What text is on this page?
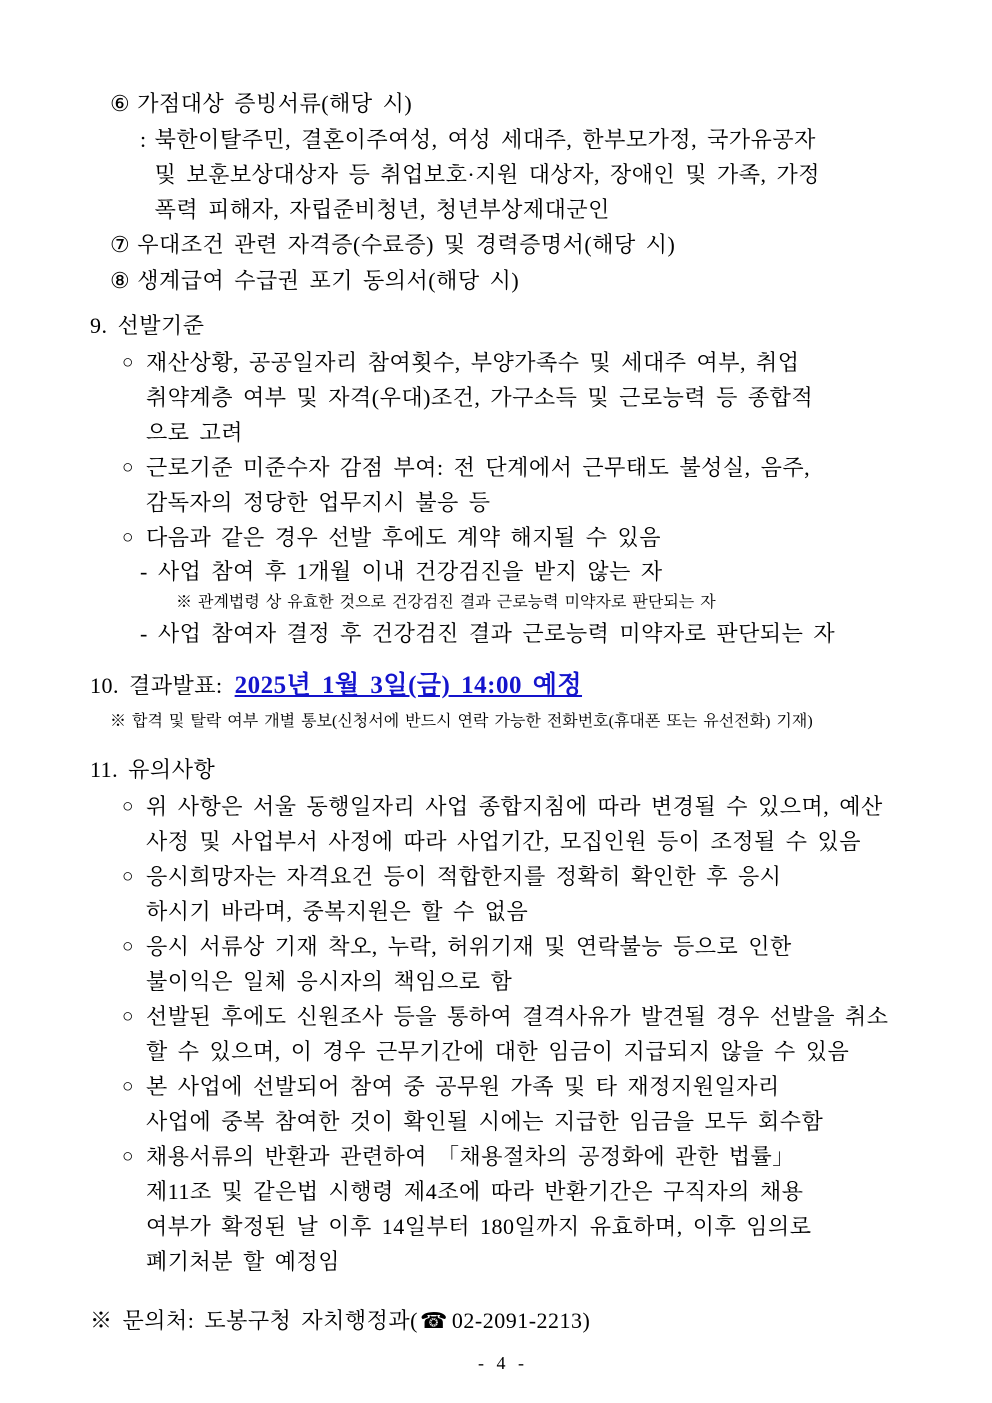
⑥ 가점대상 증빙서류(해당 시)
: 북한이탈주민, 결혼이주여성, 여성 세대주, 한부모가정, 국가유공자
및 보훈보상대상자 등 취업보호·지원 대상자, 장애인 및 가족, 가정
폭력 피해자, 자립준비청년, 청년부상제대군인
⑦ 우대조건 관련 자격증(수료증) 및 경력증명서(해당 시)
⑧ 생계급여 수급권 포기 동의서(해당 시)
9. 선발기준
○ 재산상황, 공공일자리 참여횟수, 부양가족수 및 세대주 여부, 취업
취약계층 여부 및 자격(우대)조건, 가구소득 및 근로능력 등 종합적
으로 고려
○ 근로기준 미준수자 감점 부여: 전 단계에서 근무태도 불성실, 음주,
감독자의 정당한 업무지시 불응 등
○ 다음과 같은 경우 선발 후에도 계약 해지될 수 있음
- 사업 참여 후 1개월 이내 건강검진을 받지 않는 자
※ 관계법령 상 유효한 것으로 건강검진 결과 근로능력 미약자로 판단되는 자
- 사업 참여자 결정 후 건강검진 결과 근로능력 미약자로 판단되는 자
10. 결과발표: 2025년 1월 3일(금) 14:00 예정
※ 합격 및 탈락 여부 개별 통보(신청서에 반드시 연락 가능한 전화번호(휴대폰 또는 유선전화) 기재)
11. 유의사항
○ 위 사항은 서울 동행일자리 사업 종합지침에 따라 변경될 수 있으며, 예산
사정 및 사업부서 사정에 따라 사업기간, 모집인원 등이 조정될 수 있음
○ 응시희망자는 자격요건 등이 적합한지를 정확히 확인한 후 응시
하시기 바라며, 중복지원은 할 수 없음
○ 응시 서류상 기재 착오, 누락, 허위기재 및 연락불능 등으로 인한
불이익은 일체 응시자의 책임으로 함
○ 선발된 후에도 신원조사 등을 통하여 결격사유가 발견될 경우 선발을 취소
할 수 있으며, 이 경우 근무기간에 대한 임금이 지급되지 않을 수 있음
○ 본 사업에 선발되어 참여 중 공무원 가족 및 타 재정지원일자리
사업에 중복 참여한 것이 확인될 시에는 지급한 임금을 모두 회수함
○ 채용서류의 반환과 관련하여 「채용절차의 공정화에 관한 법률」
제11조 및 같은법 시행령 제4조에 따라 반환기간은 구직자의 채용
여부가 확정된 날 이후 14일부터 180일까지 유효하며, 이후 임의로
폐기처분 할 예정임
※ 문의처: 도봉구청 자치행정과(☎ 02-2091-2213)
- 4 -
